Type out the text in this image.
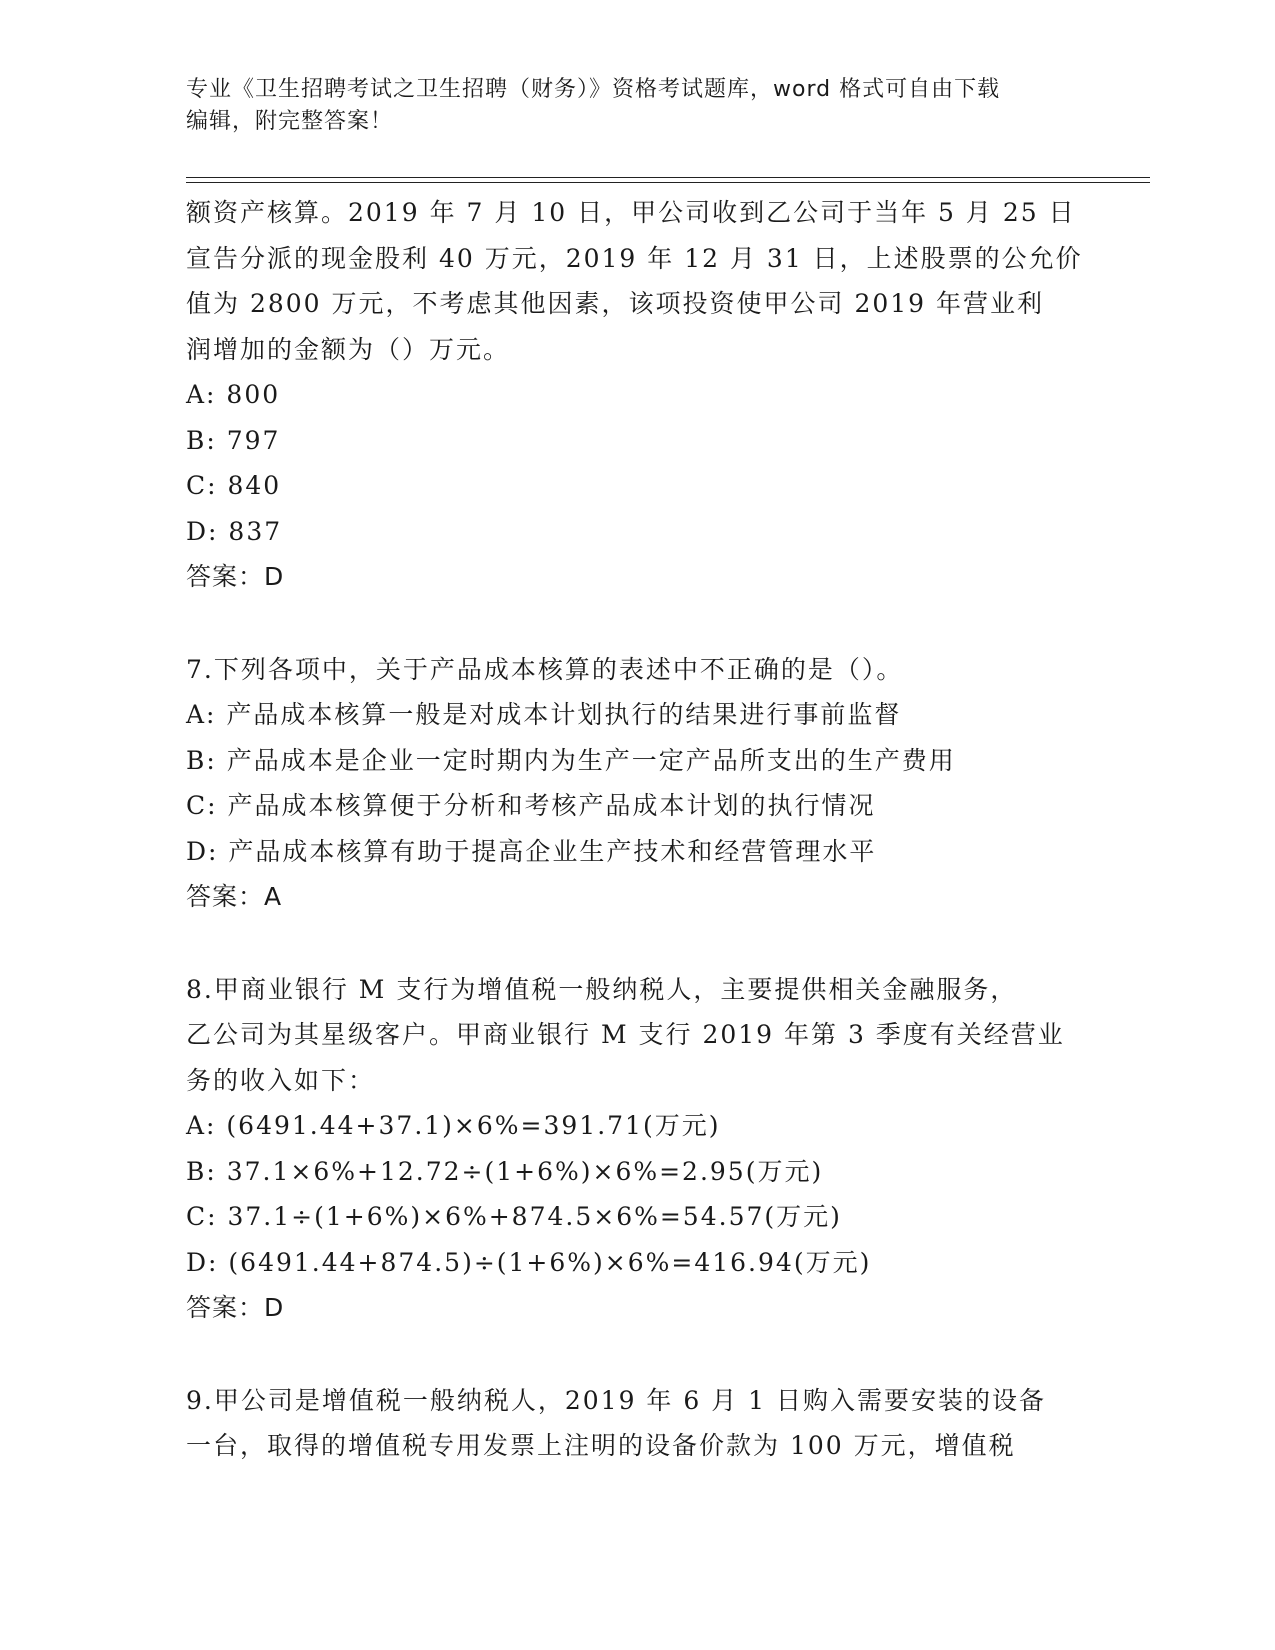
专业《卫生招聘考试之卫生招聘（财务）》资格考试题库，word 格式可自由下载
编辑，附完整答案！
额资产核算。2019 年 7 月 10 日，甲公司收到乙公司于当年 5 月 25 日
宣告分派的现金股利 40 万元，2019 年 12 月 31 日，上述股票的公允价
值为 2800 万元，不考虑其他因素，该项投资使甲公司 2019 年营业利
润增加的金额为（）万元。
A: 800
B: 797
C: 840
D: 837
答案：D
7.下列各项中，关于产品成本核算的表述中不正确的是（）。
A: 产品成本核算一般是对成本计划执行的结果进行事前监督
B: 产品成本是企业一定时期内为生产一定产品所支出的生产费用
C: 产品成本核算便于分析和考核产品成本计划的执行情况
D: 产品成本核算有助于提高企业生产技术和经营管理水平
答案：A
8.甲商业银行 M 支行为增值税一般纳税人，主要提供相关金融服务，
乙公司为其星级客户。甲商业银行 M 支行 2019 年第 3 季度有关经营业
务的收入如下：
A: (6491.44+37.1)×6%=391.71(万元)
B: 37.1×6%+12.72÷(1+6%)×6%=2.95(万元)
C: 37.1÷(1+6%)×6%+874.5×6%=54.57(万元)
D: (6491.44+874.5)÷(1+6%)×6%=416.94(万元)
答案：D
9.甲公司是增值税一般纳税人，2019 年 6 月 1 日购入需要安装的设备
一台，取得的增值税专用发票上注明的设备价款为 100 万元，增值税
